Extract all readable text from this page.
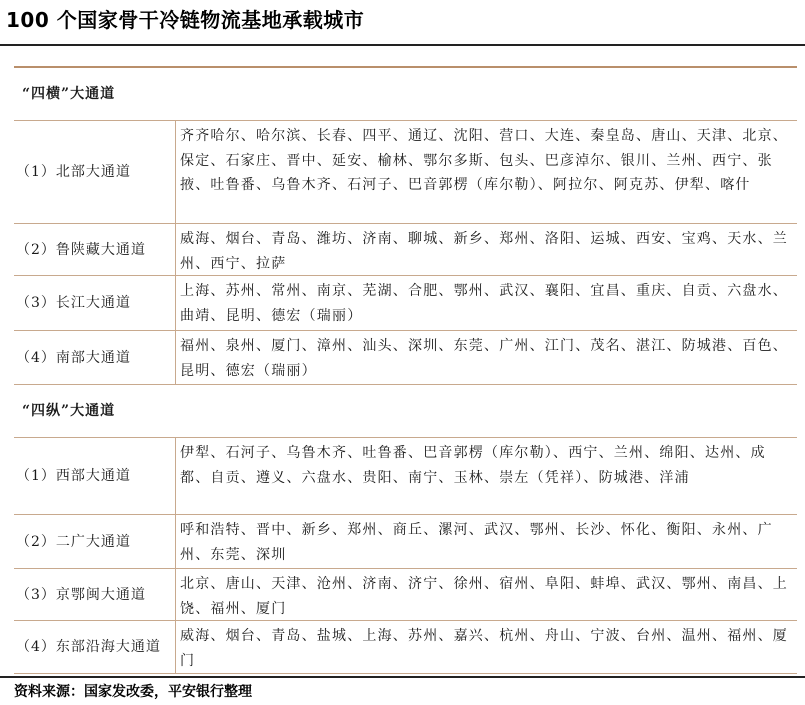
100 个国家骨干冷链物流基地承载城市
“四横”大通道
（1）北部大通道
齐齐哈尔、哈尔滨、长春、四平、通辽、沈阳、营口、大连、秦皇岛、唐山、天津、北京、保定、石家庄、晋中、延安、榆林、鄂尔多斯、包头、巴彦淖尔、银川、兰州、西宁、张掖、吐鲁番、乌鲁木齐、石河子、巴音郭楞（库尔勒）、阿拉尔、阿克苏、伊犁、喀什
（2）鲁陕藏大通道
威海、烟台、青岛、潍坊、济南、聊城、新乡、郑州、洛阳、运城、西安、宝鸡、天水、兰州、西宁、拉萨
（3）长江大通道
上海、苏州、常州、南京、芜湖、合肥、鄂州、武汉、襄阳、宜昌、重庆、自贡、六盘水、曲靖、昆明、德宏（瑞丽）
（4）南部大通道
福州、泉州、厦门、漳州、汕头、深圳、东莞、广州、江门、茂名、湛江、防城港、百色、昆明、德宏（瑞丽）
“四纵”大通道
（1）西部大通道
伊犁、石河子、乌鲁木齐、吐鲁番、巴音郭楞（库尔勒）、西宁、兰州、绵阳、达州、成都、自贡、遵义、六盘水、贵阳、南宁、玉林、崇左（凭祥）、防城港、洋浦
（2）二广大通道
呼和浩特、晋中、新乡、郑州、商丘、漯河、武汉、鄂州、长沙、怀化、衡阳、永州、广州、东莞、深圳
（3）京鄂闽大通道
北京、唐山、天津、沧州、济南、济宁、徐州、宿州、阜阳、蚌埠、武汉、鄂州、南昌、上饶、福州、厦门
（4）东部沿海大通道
威海、烟台、青岛、盐城、上海、苏州、嘉兴、杭州、舟山、宁波、台州、温州、福州、厦门
资料来源：国家发改委，平安银行整理
